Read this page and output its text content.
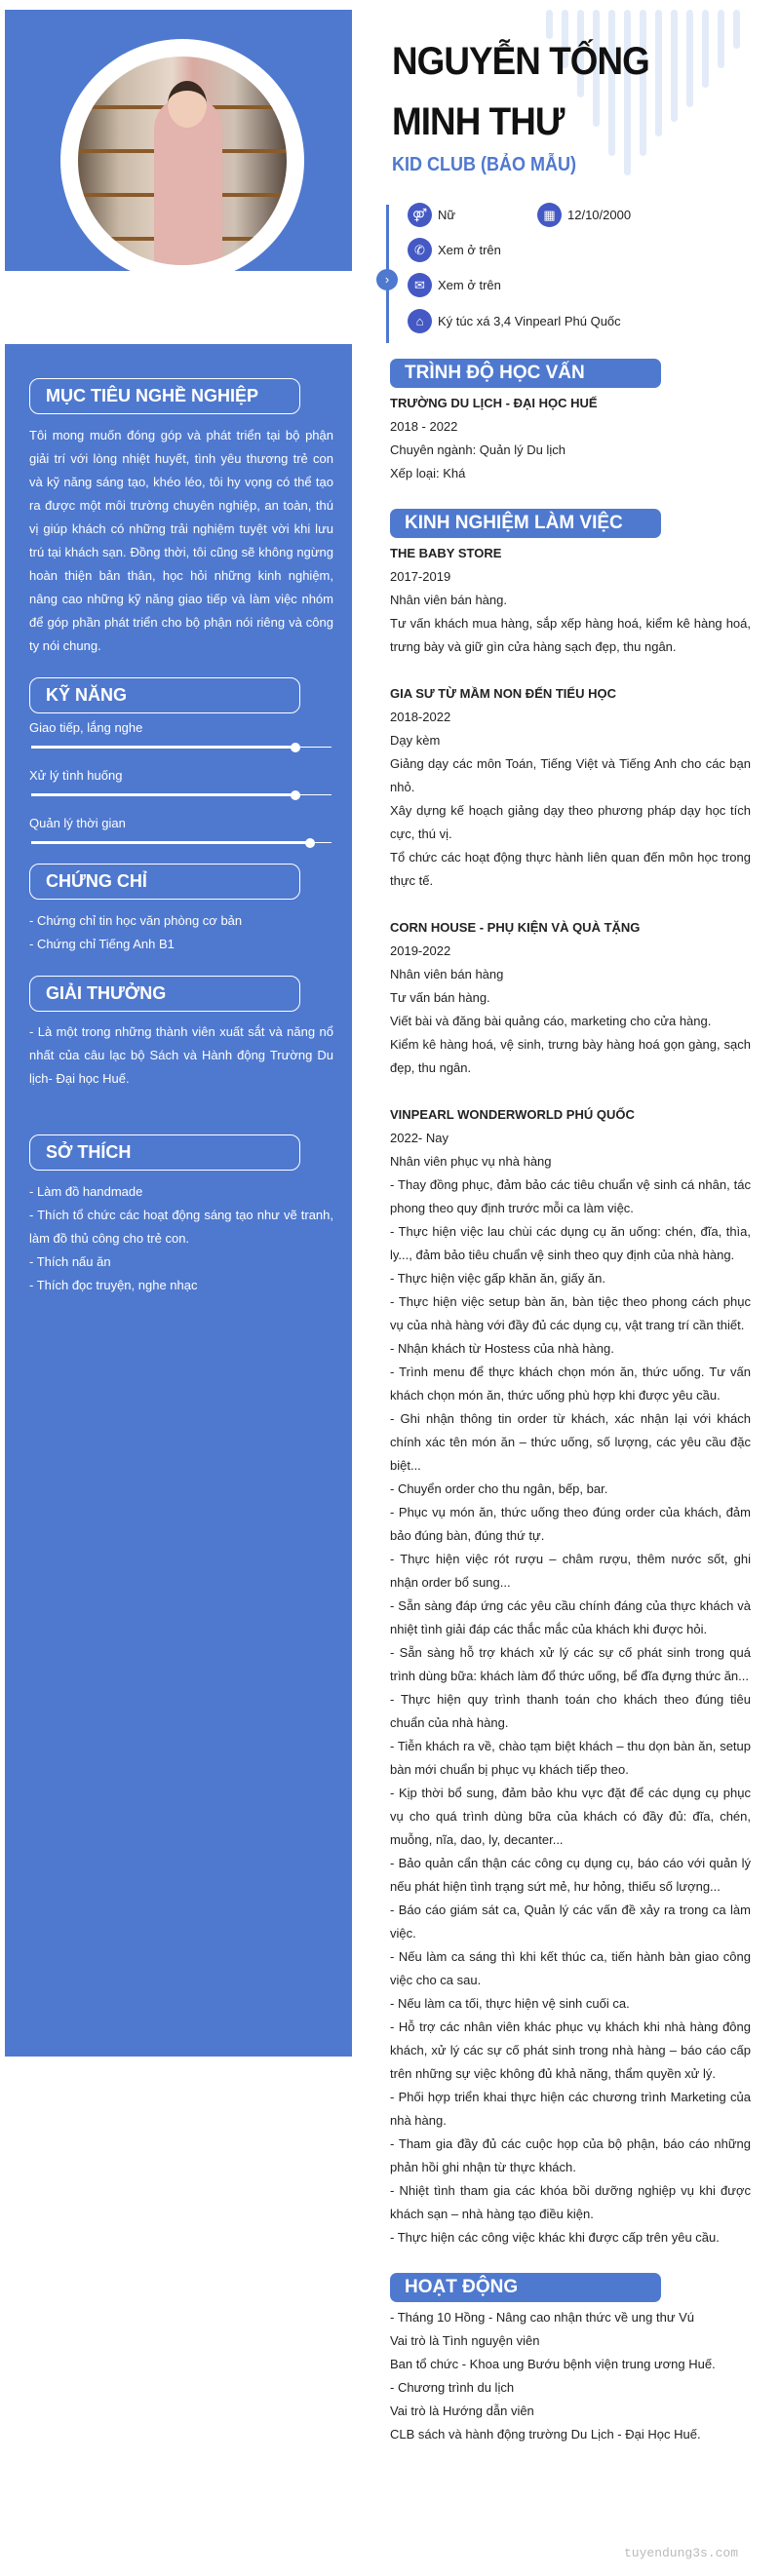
NGUYỄN TỐNG
MINH THƯ
KID CLUB (BẢO MẪU)
›
⚤ Nữ	▦ 12/10/2000
✆	Xem ở trên
✉	Xem ở trên
⌂	Ký túc xá 3,4 Vinpearl Phú Quốc
MỤC TIÊU NGHỀ NGHIỆP
Tôi mong muốn đóng góp và phát triển tại bộ phận giải trí với lòng nhiệt huyết, tình yêu thương trẻ con và kỹ năng sáng tạo, khéo léo, tôi hy vọng có thể tạo ra được một môi trường chuyên nghiệp, an toàn, thú vị giúp khách có những trải nghiệm tuyệt vời khi lưu trú tại khách sạn. Đồng thời, tôi cũng sẽ không ngừng hoàn thiện bản thân, học hỏi những kinh nghiệm, nâng cao những kỹ năng giao tiếp và làm việc nhóm để góp phần phát triển cho bộ phận nói riêng và công ty nói chung.
KỸ NĂNG
Giao tiếp, lắng nghe
Xử lý tình huống
Quản lý thời gian
CHỨNG CHỈ
- Chứng chỉ tin học văn phòng cơ bản
- Chứng chỉ Tiếng Anh B1
GIẢI THƯỞNG
- Là một trong những thành viên xuất sắt và năng nổ nhất của câu lạc bộ Sách và Hành động Trường Du lịch- Đại học Huế.
SỞ THÍCH
- Làm đồ handmade
- Thích tổ chức các hoạt động sáng tạo như vẽ tranh, làm đồ thủ công cho trẻ con.
- Thích nấu ăn
- Thích đọc truyện, nghe nhạc
TRÌNH ĐỘ HỌC VẤN
TRƯỜNG DU LỊCH - ĐẠI HỌC HUẾ
2018 - 2022
Chuyên ngành: Quản lý Du lịch
Xếp loại: Khá
KINH NGHIỆM LÀM VIỆC
THE BABY STORE
2017-2019
Nhân viên bán hàng.
Tư vấn khách mua hàng, sắp xếp hàng hoá, kiểm kê hàng hoá, trưng bày và giữ gìn cửa hàng sạch đẹp, thu ngân.
GIA SƯ TỪ MẦM NON ĐẾN TIỂU HỌC
2018-2022
Dạy kèm
Giảng dạy các môn Toán, Tiếng Việt và Tiếng Anh cho các bạn nhỏ.
Xây dựng kế hoạch giảng dạy theo phương pháp dạy học tích cực, thú vị.
Tổ chức các hoạt động thực hành liên quan đến môn học trong thực tế.
CORN HOUSE - PHỤ KIỆN VÀ QUÀ TẶNG
2019-2022
Nhân viên bán hàng
Tư vấn bán hàng.
Viết bài và đăng bài quảng cáo, marketing cho cửa hàng.
Kiểm kê hàng hoá, vệ sinh, trưng bày hàng hoá gọn gàng, sạch đẹp, thu ngân.
VINPEARL WONDERWORLD PHÚ QUỐC
2022- Nay
Nhân viên phục vụ nhà hàng
- Thay đồng phục, đảm bảo các tiêu chuẩn vệ sinh cá nhân, tác phong theo quy định trước mỗi ca làm việc.
- Thực hiện việc lau chùi các dụng cụ ăn uống: chén, đĩa, thìa, ly..., đảm bảo tiêu chuẩn vệ sinh theo quy định của nhà hàng.
- Thực hiện việc gấp khăn ăn, giấy ăn.
- Thực hiện việc setup bàn ăn, bàn tiệc theo phong cách phục vụ của nhà hàng với đầy đủ các dụng cụ, vật trang trí cần thiết.
- Nhận khách từ Hostess của nhà hàng.
- Trình menu để thực khách chọn món ăn, thức uống. Tư vấn khách chọn món ăn, thức uống phù hợp khi được yêu cầu.
- Ghi nhận thông tin order từ khách, xác nhận lại với khách chính xác tên món ăn – thức uống, số lượng, các yêu cầu đặc biệt...
- Chuyển order cho thu ngân, bếp, bar.
- Phục vụ món ăn, thức uống theo đúng order của khách, đảm bảo đúng bàn, đúng thứ tự.
- Thực hiện việc rót rượu – châm rượu, thêm nước sốt, ghi nhận order bổ sung...
- Sẵn sàng đáp ứng các yêu cầu chính đáng của thực khách và nhiệt tình giải đáp các thắc mắc của khách khi được hỏi.
- Sẵn sàng hỗ trợ khách xử lý các sự cố phát sinh trong quá trình dùng bữa: khách làm đổ thức uống, bể đĩa đựng thức ăn...
- Thực hiện quy trình thanh toán cho khách theo đúng tiêu chuẩn của nhà hàng.
- Tiễn khách ra về, chào tạm biệt khách – thu dọn bàn ăn, setup bàn mới chuẩn bị phục vụ khách tiếp theo.
- Kịp thời bổ sung, đảm bảo khu vực đặt để các dụng cụ phục vụ cho quá trình dùng bữa của khách có đầy đủ: đĩa, chén, muỗng, nĩa, dao, ly, decanter...
- Bảo quản cẩn thận các công cụ dụng cụ, báo cáo với quản lý nếu phát hiện tình trạng sứt mẻ, hư hỏng, thiếu số lượng...
- Báo cáo giám sát ca, Quản lý các vấn đề xảy ra trong ca làm việc.
- Nếu làm ca sáng thì khi kết thúc ca, tiến hành bàn giao công việc cho ca sau.
- Nếu làm ca tối, thực hiện vệ sinh cuối ca.
- Hỗ trợ các nhân viên khác phục vụ khách khi nhà hàng đông khách, xử lý các sự cố phát sinh trong nhà hàng – báo cáo cấp trên những sự việc không đủ khả năng, thẩm quyền xử lý.
- Phối hợp triển khai thực hiện các chương trình Marketing của nhà hàng.
- Tham gia đầy đủ các cuộc họp của bộ phận, báo cáo những phản hồi ghi nhận từ thực khách.
- Nhiệt tình tham gia các khóa bồi dưỡng nghiệp vụ khi được khách sạn – nhà hàng tạo điều kiện.
- Thực hiện các công việc khác khi được cấp trên yêu cầu.
HOẠT ĐỘNG
- Tháng 10 Hồng - Nâng cao nhận thức về ung thư Vú
Vai trò là Tình nguyện viên
Ban tổ chức - Khoa ung Bướu bệnh viện trung ương Huế.
- Chương trình du lịch
Vai trò là Hướng dẫn viên
CLB sách và hành động trường Du Lịch - Đại Học Huế.
tuyendung3s.com
